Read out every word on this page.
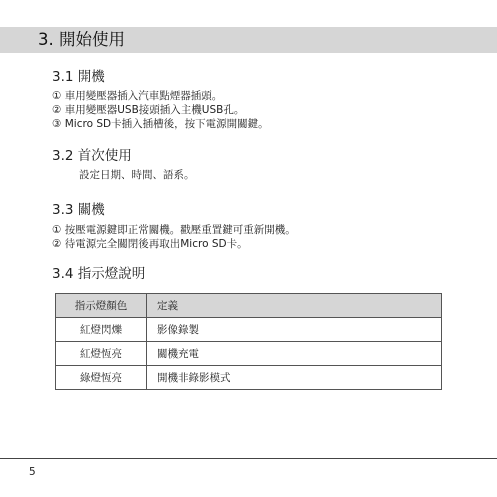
3. 開始使用
3.1 開機
① 車用變壓器插入汽車點煙器插頭。
② 車用變壓器USB接頭插入主機USB孔。
③ Micro SD卡插入插槽後，按下電源開關鍵。
3.2 首次使用
設定日期、時間、語系。
3.3 關機
① 按壓電源鍵即正常關機。戳壓重置鍵可重新開機。
② 待電源完全關閉後再取出Micro SD卡。
3.4 指示燈說明
指示燈顏色	定義
紅燈閃爍	影像錄製
紅燈恆亮	關機充電
綠燈恆亮	開機非錄影模式
5
